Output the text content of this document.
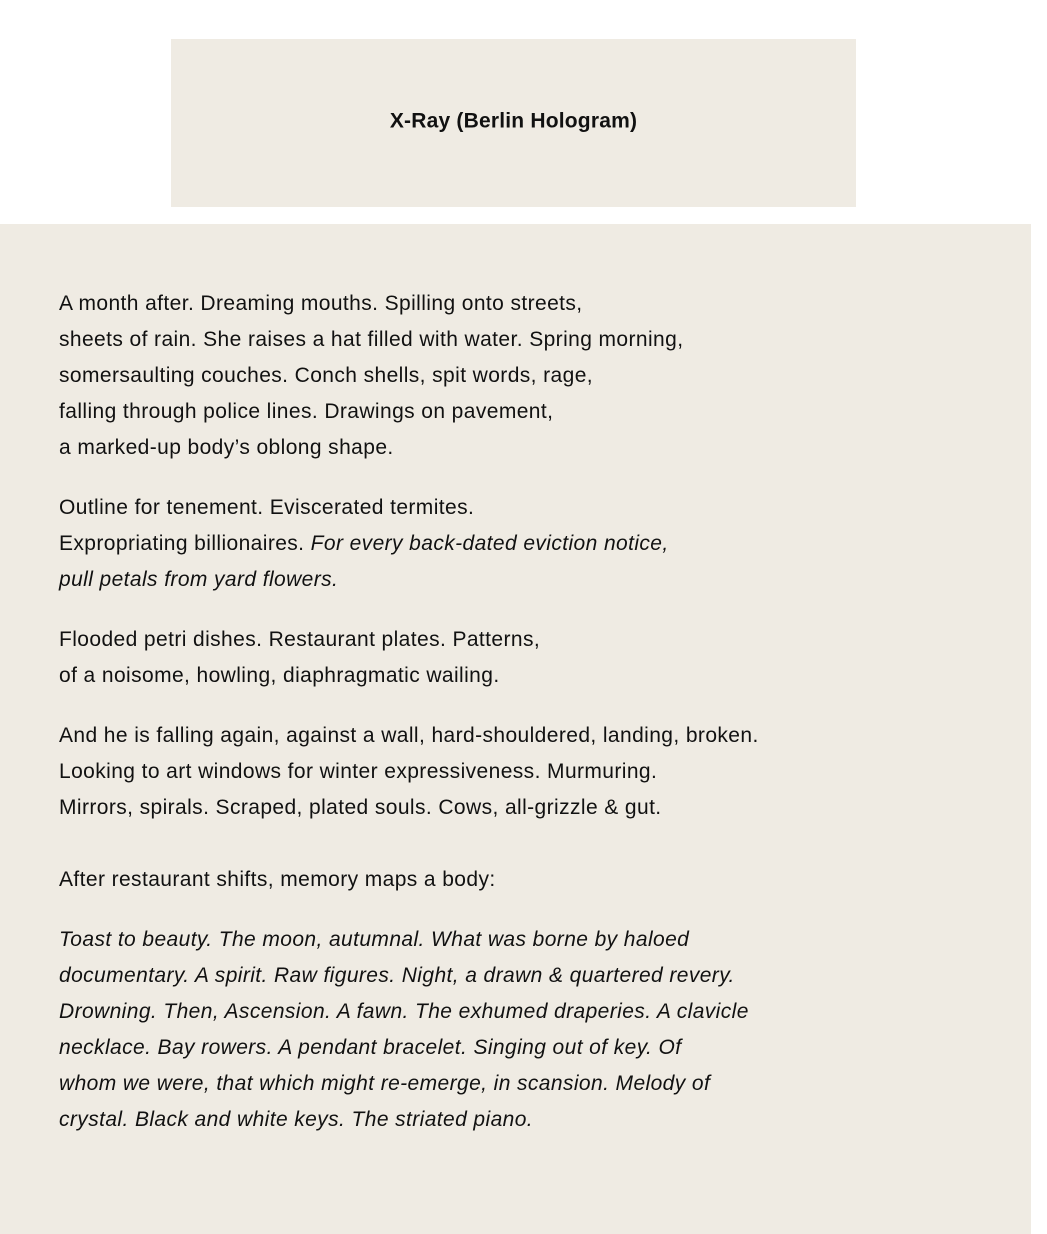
X-Ray (Berlin Hologram)

A month after. Dreaming mouths. Spilling onto streets,
sheets of rain. She raises a hat filled with water. Spring morning,
somersaulting couches. Conch shells, spit words, rage,
falling through police lines. Drawings on pavement,
a marked-up body’s oblong shape.

Outline for tenement. Eviscerated termites.
Expropriating billionaires. For every back-dated eviction notice,
pull petals from yard flowers.

Flooded petri dishes. Restaurant plates. Patterns,
of a noisome, howling, diaphragmatic wailing.

And he is falling again, against a wall, hard-shouldered, landing, broken.
Looking to art windows for winter expressiveness. Murmuring.
Mirrors, spirals. Scraped, plated souls. Cows, all-grizzle & gut.

After restaurant shifts, memory maps a body:

Toast to beauty. The moon, autumnal. What was borne by haloed
documentary. A spirit. Raw figures. Night, a drawn & quartered revery.
Drowning. Then, Ascension. A fawn. The exhumed draperies. A clavicle
necklace. Bay rowers. A pendant bracelet. Singing out of key. Of
whom we were, that which might re-emerge, in scansion. Melody of
crystal. Black and white keys. The striated piano.
